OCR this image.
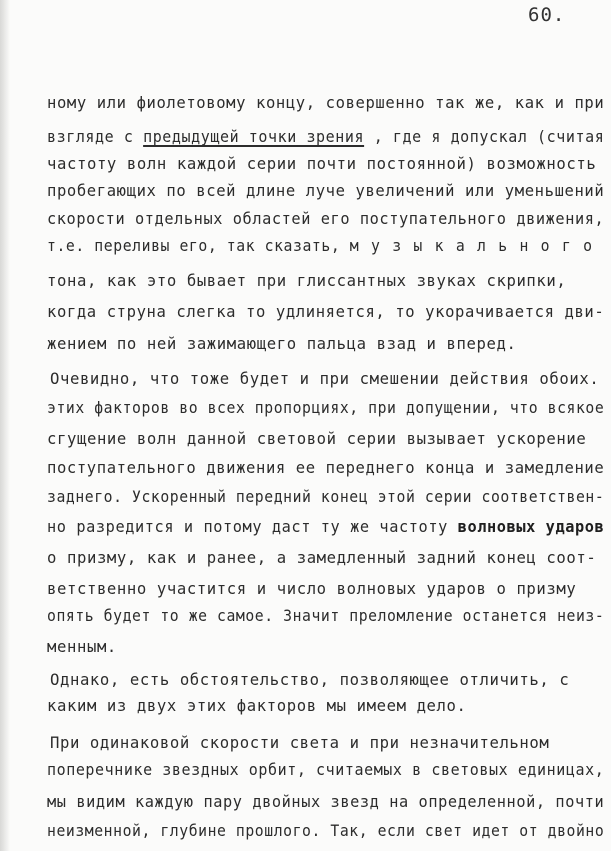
60.
ному или фиолетовому концу, совершенно так же, как и при
взгляде с предыдущей точки зрения , где я допускал (считая
частоту волн каждой серии почти постоянной) возможность
пробегающих по всей длине луче увеличений или уменьшений
скорости отдельных областей его поступательного движения,
т.е. переливы его, так сказать, музыкального
тона, как это бывает при глиссантных звуках скрипки,
когда струна слегка то удлиняется, то укорачивается дви-
жением по ней зажимающего пальца взад и вперед.
Очевидно, что тоже будет и при смешении действия обоих.
этих факторов во всех пропорциях, при допущении, что всякое
сгущение волн данной световой серии вызывает ускорение
поступательного движения ее переднего конца и замедление
заднего. Ускоренный передний конец этой серии соответствен-
но разредится и потому даст ту же частоту волновых ударов
о призму, как и ранее, а замедленный задний конец соот-
ветственно участится и число волновых ударов о призму
опять будет то же самое. Значит преломление останется неиз-
менным.
Однако, есть обстоятельство, позволяющее отличить, с
каким из двух этих факторов мы имеем дело.
При одинаковой скорости света и при незначительном
поперечнике звездных орбит, считаемых в световых единицах,
мы видим каждую пару двойных звезд на определенной, почти
неизменной, глубине прошлого. Так, если свет идет от двойно
